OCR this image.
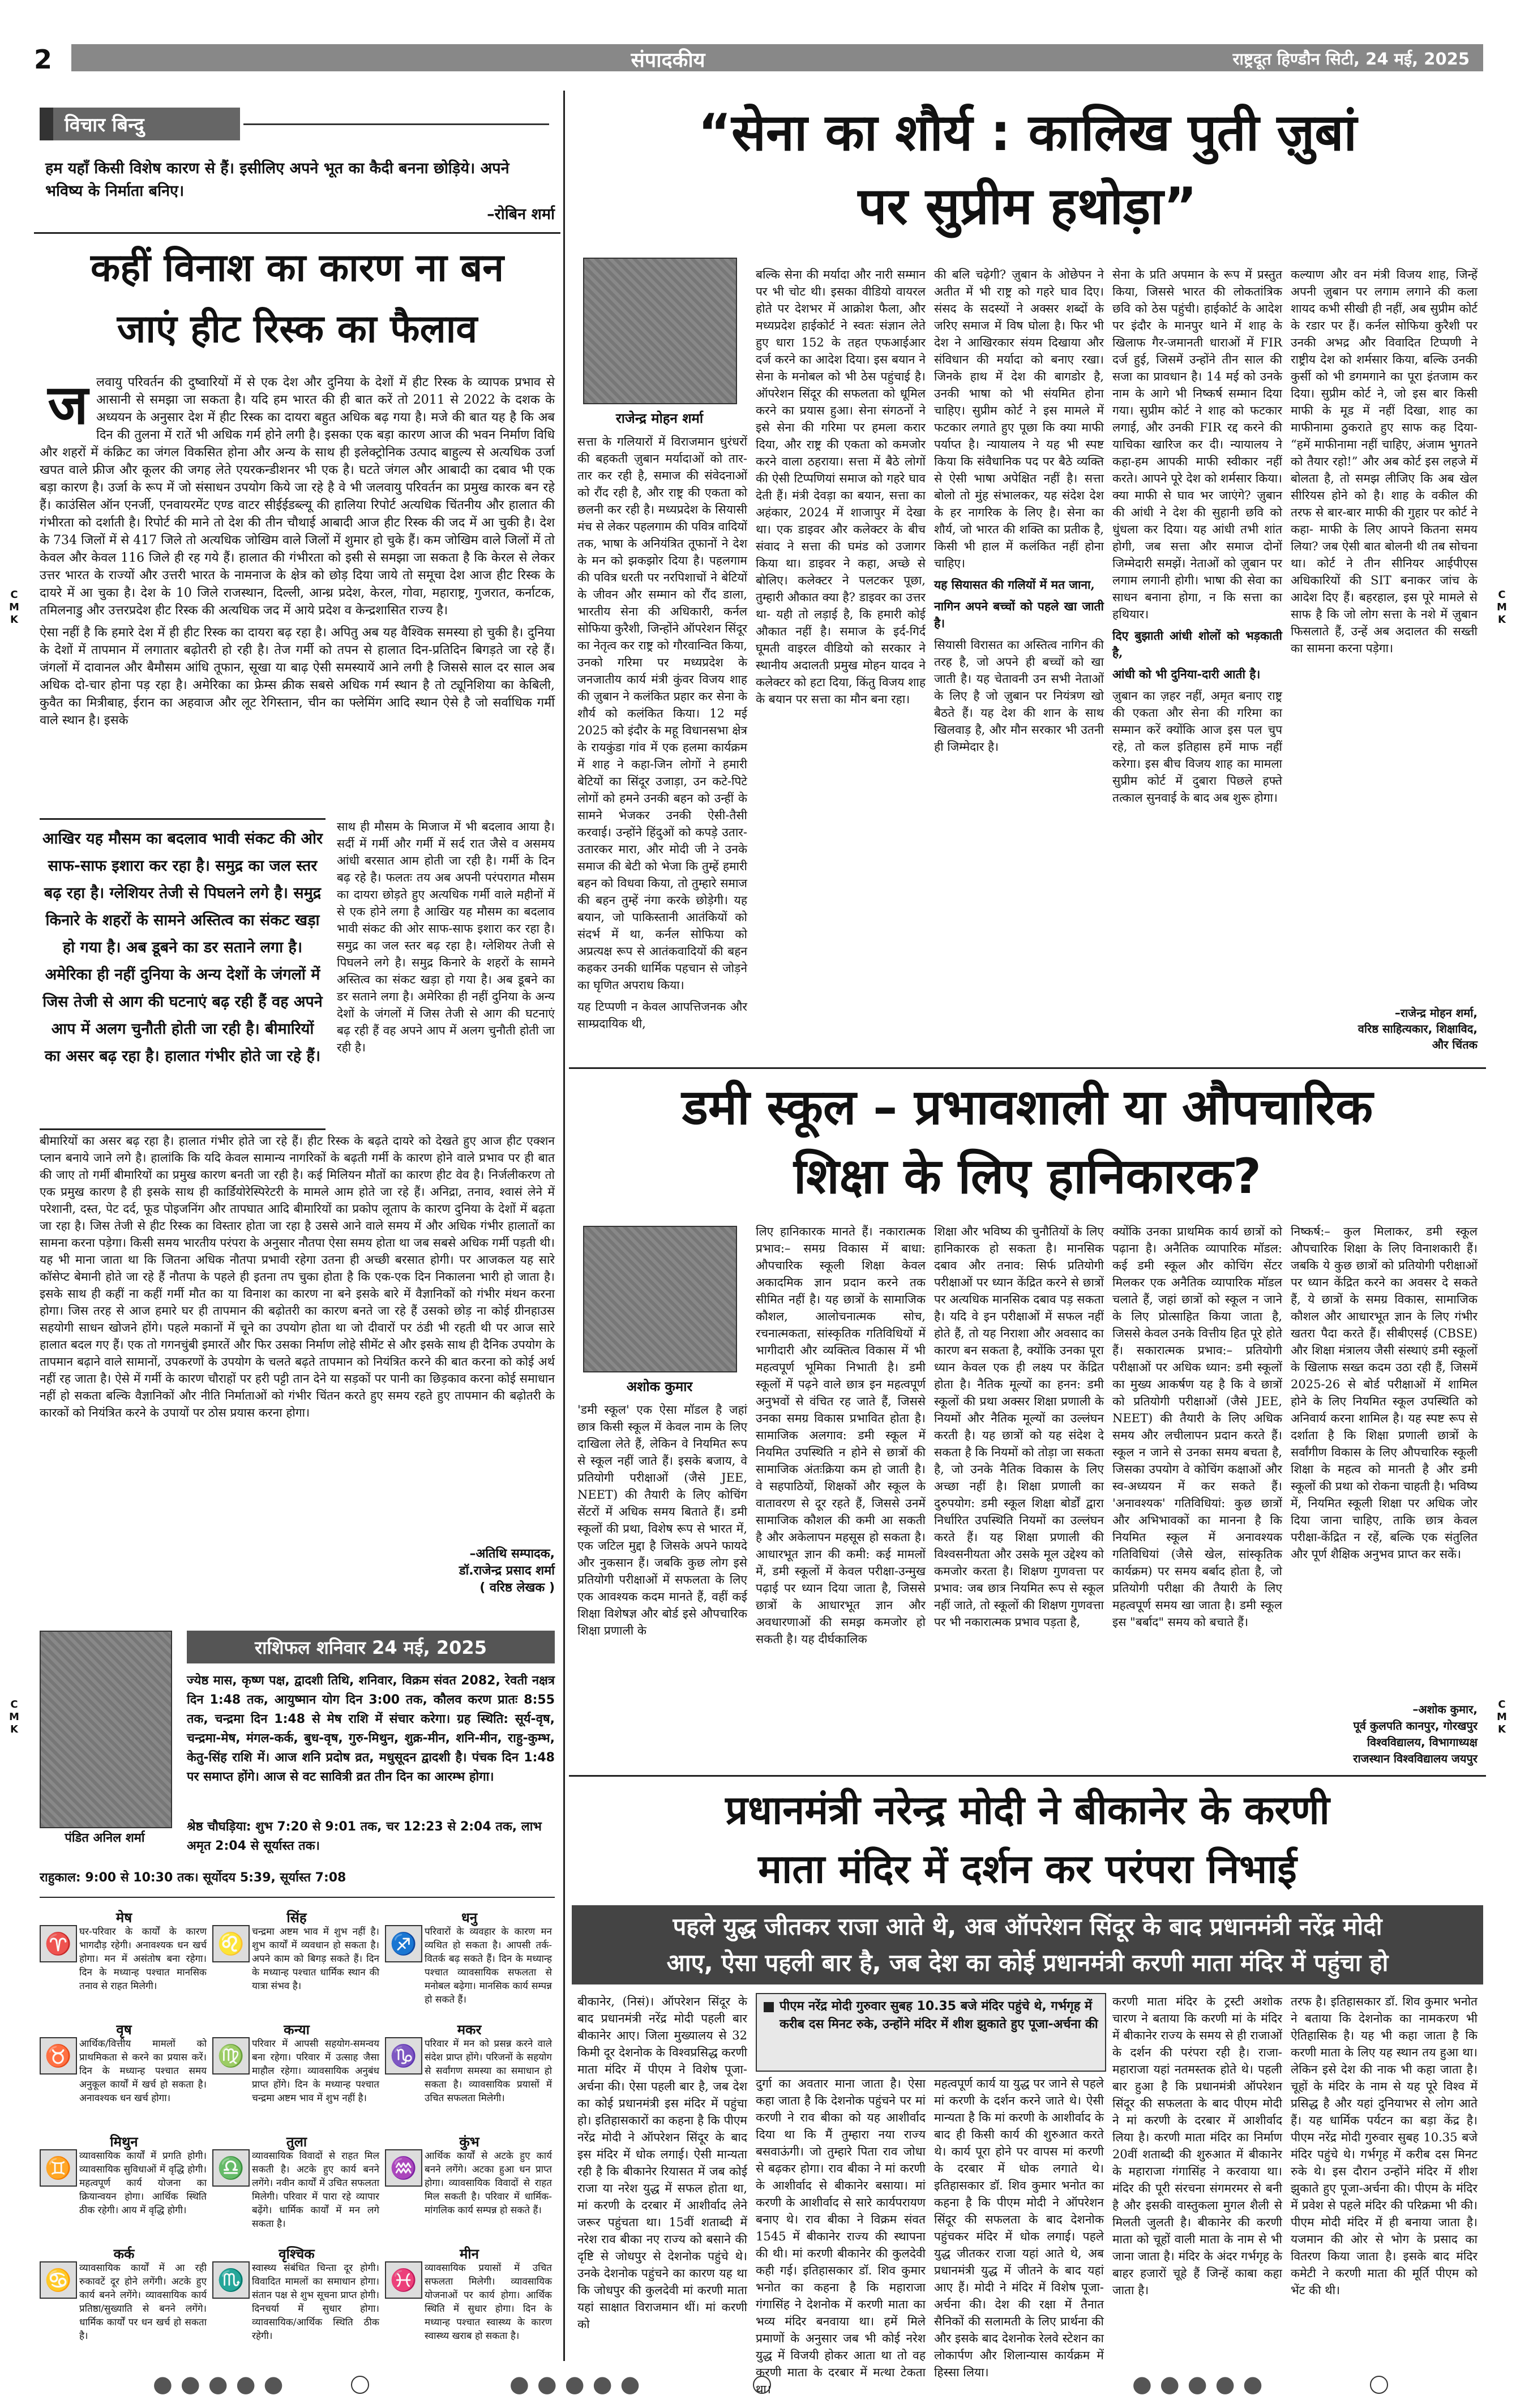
2	संपादकीय	राष्ट्रदूत हिण्डौन सिटी, 24 मई, 2025
C
M
K
C
M
K
C
M
K
C
M
K
विचार बिन्दु
हम यहाँ किसी विशेष कारण से हैं। इसीलिए अपने भूत का कैदी बनना छोड़िये। अपने भविष्य के निर्माता बनिए।
–रोबिन शर्मा
कहीं विनाश का कारण ना बन
जाएं हीट रिस्क का फैलाव
ज लवायु परिवर्तन की दुष्वारियों में से एक देश और दुनिया के देशों में हीट रिस्क के व्यापक प्रभाव से आसानी से समझा जा सकता है। यदि हम भारत की ही बात करें तो 2011 से 2022 के दशक के अध्ययन के अनुसार देश में हीट रिस्क का दायरा बहुत अधिक बढ़ गया है। मजे की बात यह है कि अब दिन की तुलना में रातें भी अधिक गर्म होने लगी है। इसका एक बड़ा कारण आज की भवन निर्माण विधि और शहरों में कंक्रिट का जंगल विकसित होना और अन्य के साथ ही इलेक्ट्रोनिक उत्पाद बाहुल्य से अत्यधिक उर्जा खपत वाले फ्रीज और कूलर की जगह लेते एयरकन्डीशनर भी एक है। घटते जंगल और आबादी का दबाव भी एक बड़ा कारण है। उर्जा के रूप में जो संसाधन उपयोग किये जा रहे है वे भी जलवायु परिवर्तन का प्रमुख कारक बन रहे हैं। काउंसिल ऑन एनर्जी, एनवायरमेंट एण्ड वाटर सीईईडब्ल्यू की हालिया रिपोर्ट अत्यधिक चिंतनीय और हालात की गंभीरता को दर्शाती है। रिपोर्ट की माने तो देश की तीन चौथाई आबादी आज हीट रिस्क की जद में आ चुकी है। देश के 734 जिलों में से 417 जिले तो अत्यधिक जोखिम वाले जिलों में शुमार हो चुके हैं। कम जोखिम वाले जिलों में तो केवल और केवल 116 जिले ही रह गये हैं। हालात की गंभीरता को इसी से समझा जा सकता है कि केरल से लेकर उत्तर भारत के राज्यों और उत्तरी भारत के नामनाज के क्षेत्र को छोड़ दिया जाये तो समूचा देश आज हीट रिस्क के दायरे में आ चुका है। देश के 10 जिले राजस्थान, दिल्ली, आन्ध्र प्रदेश, केरल, गोवा, महाराष्ट्र, गुजरात, कर्नाटक, तमिलनाडु और उत्तरप्रदेश हीट रिस्क की अत्यधिक जद में आये प्रदेश व केन्द्रशासित राज्य है।

ऐसा नहीं है कि हमारे देश में ही हीट रिस्क का दायरा बढ़ रहा है। अपितु अब यह वैश्विक समस्या हो चुकी है। दुनिया के देशों में तापमान में लगातार बढ़ोतरी हो रही है। तेज गर्मी को तपन से हालात दिन-प्रतिदिन बिगड़ते जा रहे हैं। जंगलों में दावानल और बैमौसम आंधि तूफान, सूखा या बाढ़ ऐसी समस्यायें आने लगी है जिससे साल दर साल अब अधिक दो-चार होना पड़ रहा है। अमेरिका का फ्रेम्स क्रीक सबसे अधिक गर्म स्थान है तो ट्यूनिशिया का केबिली, कुवैत का मित्रीबाह, ईरान का अहवाज और लूट रेगिस्तान, चीन का फ्लेमिंग आदि स्थान ऐसे है जो सर्वाधिक गर्मी वाले स्थान है। इसके

आखिर यह मौसम का बदलाव भावी संकट की ओर साफ-साफ इशारा कर रहा है। समुद्र का जल स्तर बढ़ रहा है। ग्लेशियर तेजी से पिघलने लगे है। समुद्र किनारे के शहरों के सामने अस्तित्व का संकट खड़ा हो गया है। अब डूबने का डर सताने लगा है। अमेरिका ही नहीं दुनिया के अन्य देशों के जंगलों में जिस तेजी से आग की घटनाएं बढ़ रही हैं वह अपने आप में अलग चुनौती होती जा रही है। बीमारियों का असर बढ़ रहा है। हालात गंभीर होते जा रहे हैं।

साथ ही मौसम के मिजाज में भी बदलाव आया है। सर्दी में गर्मी और गर्मी में सर्द रात जैसे व असमय आंधी बरसात आम होती जा रही है। गर्मी के दिन बढ़ रहे है। फलतः तय अब अपनी परंपरागत मौसम का दायरा छोड़ते हुए अत्यधिक गर्मी वाले महीनों में से एक होने लगा है आखिर यह मौसम का बदलाव भावी संकट की ओर साफ-साफ इशारा कर रहा है। समुद्र का जल स्तर बढ़ रहा है। ग्लेशियर तेजी से पिघलने लगे है। समुद्र किनारे के शहरों के सामने अस्तित्व का संकट खड़ा हो गया है। अब डूबने का डर सताने लगा है। अमेरिका ही नहीं दुनिया के अन्य देशों के जंगलों में जिस तेजी से आग की घटनाएं बढ़ रही हैं वह अपने आप में अलग चुनौती होती जा रही है।

बीमारियों का असर बढ़ रहा है। हालात गंभीर होते जा रहे हैं। हीट रिस्क के बढ़ते दायरे को देखते हुए आज हीट एक्शन प्लान बनाये जाने लगे है। हालांकि कि यदि केवल सामान्य नागरिकों के बढ़ती गर्मी के कारण होने वाले प्रभाव पर ही बात की जाए तो गर्मी बीमारियों का प्रमुख कारण बनती जा रही है। कई मिलियन मौतों का कारण हीट वेव है। निर्जलीकरण तो एक प्रमुख कारण है ही इसके साथ ही कार्डियोरेस्पिरेटरी के मामले आम होते जा रहे हैं। अनिद्रा, तनाव, श्वासं लेने में परेशानी, दस्त, पेट दर्द, फूड पोइजनिंग और तापघात आदि बीमारियों का प्रकोप लूताप के कारण दुनिया के देशों में बढ़ता जा रहा है। जिस तेजी से हीट रिस्क का विस्तार होता जा रहा है उससे आने वाले समय में और अधिक गंभीर हालातों का सामना करना पड़ेगा। किसी समय भारतीय परंपरा के अनुसार नौतपा ऐसा समय होता था जब सबसे अधिक गर्मी पड़ती थी। यह भी माना जाता था कि जितना अधिक नौतपा प्रभावी रहेगा उतना ही अच्छी बरसात होगी। पर आजकल यह सारे कॉसेप्ट बेमानी होते जा रहे हैं नौतपा के पहले ही इतना तप चुका होता है कि एक-एक दिन निकालना भारी हो जाता है। इसके साथ ही कहीं ना कहीं गर्मी मौत का या विनाश का कारण ना बने इसके बारे में वैज्ञानिकों को गंभीर मंथन करना होगा। जिस तरह से आज हमारे घर ही तापमान की बढ़ोतरी का कारण बनते जा रहे हैं उसको छोड़ ना कोई ग्रीनहाउस सहयोगी साधन खोजने होंगे। पहले मकानों में चूने का उपयोग होता था जो दीवारों पर ठंडी भी रहती थी पर आज सारे हालात बदल गए हैं। एक तो गगनचुंबी इमारतें और फिर उसका निर्माण लोहे सीमेंट से और इसके साथ ही दैनिक उपयोग के तापमान बढ़ाने वाले सामानों, उपकरणों के उपयोग के चलते बढ़ते तापमान को नियंत्रित करने की बात करना को कोई अर्थ नहीं रह जाता है। ऐसे में गर्मी के कारण चौराहों पर हरी पट्टी तान देने या सड़कों पर पानी का छिड़काव करना कोई समाधान नहीं हो सकता बल्कि वैज्ञानिकों और नीति निर्माताओं को गंभीर चिंतन करते हुए समय रहते हुए तापमान की बढ़ोतरी के कारकों को नियंत्रित करने के उपायों पर ठोस प्रयास करना होगा।

–अतिथि सम्पादक,
डॉ.राजेन्द्र प्रसाद शर्मा
( वरिष्ठ लेखक )
पंडित अनिल शर्मा
राशिफल शनिवार 24 मई, 2025
ज्येष्ठ मास, कृष्ण पक्ष, द्वादशी तिथि, शनिवार, विक्रम संवत 2082, रेवती नक्षत्र दिन 1:48 तक, आयुष्मान योग दिन 3:00 तक, कौलव करण प्रातः 8:55 तक, चन्द्रमा दिन 1:48 से मेष राशि में संचार करेगा। ग्रह स्थिति: सूर्य-वृष, चन्द्रमा-मेष, मंगल-कर्क, बुध-वृष, गुरु-मिथुन, शुक्र-मीन, शनि-मीन, राहु-कुम्भ, केतु-सिंह राशि में। आज शनि प्रदोष व्रत, मधुसूदन द्वादशी है। पंचक दिन 1:48 पर समाप्त होंगे। आज से वट सावित्री व्रत तीन दिन का आरम्भ होगा।
श्रेष्ठ चौघड़िया: शुभ 7:20 से 9:01 तक, चर 12:23 से 2:04 तक, लाभ अमृत 2:04 से सूर्यास्त तक।
राहुकाल: 9:00 से 10:30 तक। सूर्योदय 5:39, सूर्यास्त 7:08
मेष
♈ घर-परिवार के कार्यों के कारण भागदौड़ रहेगी। अनावश्यक धन खर्च होगा। मन में असंतोष बना रहेगा। दिन के मध्यान्ह पश्चात मानसिक तनाव से राहत मिलेगी।
सिंह
♌ चन्द्रमा अष्टम भाव में शुभ नहीं है। शुभ कार्यों में व्यवधान हो सकता है। अपने काम को बिगड़ सकते हैं। दिन के मध्यान्ह पश्चात धार्मिक स्थान की यात्रा संभव है।
धनु
♐ परिवारों के व्यवहार के कारण मन व्यथित हो सकता है। आपसी तर्क-वितर्क बढ़ सकते हैं। दिन के मध्यान्ह पश्चात व्यावसायिक सफलता से मनोबल बढ़ेगा। मानसिक कार्य सम्पन्न हो सकते हैं।
वृष
♉ आर्थिक/वित्तीय मामलों को प्राथमिकता से करने का प्रयास करें। दिन के मध्यान्ह पश्चात समय अनुकूल कार्यों में खर्च हो सकता है। अनावश्यक धन खर्च होगा।
कन्या
♍ परिवार में आपसी सहयोग-समन्वय बना रहेगा। परिवार में उत्साह जैसा माहौल रहेगा। व्यावसायिक अनुबंध प्राप्त होंगे। दिन के मध्यान्ह पश्चात चन्द्रमा अष्टम भाव में शुभ नहीं है।
मकर
♑ परिवार में मन को प्रसन्न करने वाले संदेश प्राप्त होंगे। परिजनों के सहयोग से सर्वांगण समस्या का समाधान हो सकता है। व्यावसायिक प्रयासों में उचित सफलता मिलेगी।
मिथुन
♊ व्यावसायिक कार्यों में प्रगति होगी। व्यावसायिक सुविधाओं में वृद्धि होगी। महत्वपूर्ण कार्य योजना का क्रियान्वयन होगा। आर्थिक स्थिति ठीक रहेगी। आय में वृद्धि होगी।
तुला
♎ व्यावसायिक विवादों से राहत मिल सकती है। अटके हुए कार्य बनने लगेंगे। नवीन कार्यों में उचित सफलता मिलेगी। परिवार में पारा रहे व्यापार बढ़ेंगे। धार्मिक कार्यों में मन लगे सकता है।
कुंभ
♒ आर्थिक कार्यों से अटके हुए कार्य बनने लगेंगे। अटका हुआ धन प्राप्त होगा। व्यावसायिक विवादों से राहत मिल सकती है। परिवार में धार्मिक-मांगलिक कार्य सम्पन्न हो सकते हैं।
कर्क
♋ व्यावसायिक कार्यों में आ रही रुकावटें दूर होने लगेंगी। अटके हुए कार्य बनने लगेंगे। व्यावसायिक कार्य प्रतिष्ठा/सुख्याति से बनने लगेंगे। धार्मिक कार्यों पर धन खर्च हो सकता है।
वृश्चिक
♏ स्वास्थ्य संबंधित चिन्ता दूर होगी। विवादित मामलों का समाधान होगा। संतान पक्ष से शुभ सूचना प्राप्त होगी। दिनचर्या में सुधार होगा। व्यावसायिक/आर्थिक स्थिति ठीक रहेगी।
मीन
♓ व्यावसायिक प्रयासों में उचित सफलता मिलेगी। व्यावसायिक योजनाओं पर कार्य होगा। आर्थिक स्थिति में सुधार होगा। दिन के मध्यान्ह पश्चात स्वास्थ्य के कारण स्वास्थ्य खराब हो सकता है।
“सेना का शौर्य : कालिख पुती ज़ुबां
पर सुप्रीम हथोड़ा”
राजेन्द्र मोहन शर्मा

सत्ता के गलियारों में विराजमान धुरंधरों की बहकती ज़ुबान मर्यादाओं को तार-तार कर रही है, समाज की संवेदनाओं को रौंद रही है, और राष्ट्र की एकता को छलनी कर रही है। मध्यप्रदेश के सियासी मंच से लेकर पहलगाम की पवित्र वादियों तक, भाषा के अनियंत्रित तूफानों ने देश के मन को झकझोर दिया है। पहलगाम की पवित्र धरती पर नरपिशाचों ने बेटियों के जीवन और सम्मान को रौंद डाला, भारतीय सेना की अधिकारी, कर्नल सोफिया कुरैशी, जिन्होंने ऑपरेशन सिंदूर का नेतृत्व कर राष्ट्र को गौरवान्वित किया, उनको गरिमा पर मध्यप्रदेश के जनजातीय कार्य मंत्री कुंवर विजय शाह की ज़ुबान ने कलंकित प्रहार कर सेना के शौर्य को कलंकित किया। 12 मई 2025 को इंदौर के महू विधानसभा क्षेत्र के रायकुंडा गांव में एक हलमा कार्यक्रम में शाह ने कहा-जिन लोगों ने हमारी बेटियों का सिंदूर उजाड़ा, उन कटे-पिटे लोगों को हमने उनकी बहन को उन्हीं के सामने भेजकर उनकी ऐसी-तैसी करवाई। उन्होंने हिंदुओं को कपड़े उतार-उतारकर मारा, और मोदी जी ने उनके समाज की बेटी को भेजा कि तुम्हें हमारी बहन को विधवा किया, तो तुम्हारे समाज की बहन तुम्हें नंगा करके छोड़ेगी। यह बयान, जो पाकिस्तानी आतंकियों को संदर्भ में था, कर्नल सोफिया को अप्रत्यक्ष रूप से आतंकवादियों की बहन कहकर उनकी धार्मिक पहचान से जोड़ने का घृणित अपराध किया।

यह टिप्पणी न केवल आपत्तिजनक और साम्प्रदायिक थी,

बल्कि सेना की मर्यादा और नारी सम्मान पर भी चोट थी। इसका वीडियो वायरल होते पर देशभर में आक्रोश फैला, और मध्यप्रदेश हाईकोर्ट ने स्वतः संज्ञान लेते हुए धारा 152 के तहत एफआईआर दर्ज करने का आदेश दिया। इस बयान ने सेना के मनोबल को भी ठेस पहुंचाई है। ऑपरेशन सिंदूर की सफलता को धूमिल करने का प्रयास हुआ। सेना संगठनों ने इसे सेना की गरिमा पर हमला करार दिया, और राष्ट्र की एकता को कमजोर करने वाला ठहराया। सत्ता में बैठे लोगों की ऐसी टिप्पणियां समाज को गहरे घाव देती हैं। मंत्री देवड़ा का बयान, सत्ता का अहंकार, 2024 में शाजापुर में देखा था। एक डाइवर और कलेक्टर के बीच संवाद ने सत्ता की घमंड को उजागर किया था। डाइवर ने कहा, अच्छे से बोलिए। कलेक्टर ने पलटकर पूछा, तुम्हारी औकात क्या है? डाइवर का उत्तर था- यही तो लड़ाई है, कि हमारी कोई औकात नहीं है। समाज के इर्द-गिर्द घूमती वाइरल वीडियो को सरकार ने स्थानीय अदालती प्रमुख मोहन यादव ने कलेक्टर को हटा दिया, किंतु विजय शाह के बयान पर सत्ता का मौन बना रहा।

की बलि चढ़ेगी? ज़ुबान के ओछेपन ने अतीत में भी राष्ट्र को गहरे घाव दिए। संसद के सदस्यों ने अक्सर शब्दों के जरिए समाज में विष घोला है। फिर भी देश ने आखिरकार संयम दिखाया और संविधान की मर्यादा को बनाए रखा। जिनके हाथ में देश की बागडोर है, उनकी भाषा को भी संयमित होना चाहिए। सुप्रीम कोर्ट ने इस मामले में फटकार लगाते हुए पूछा कि क्या माफी पर्याप्त है। न्यायालय ने यह भी स्पष्ट किया कि संवैधानिक पद पर बैठे व्यक्ति से ऐसी भाषा अपेक्षित नहीं है। सत्ता बोलो तो मुंह संभालकर, यह संदेश देश के हर नागरिक के लिए है। सेना का शौर्य, जो भारत की शक्ति का प्रतीक है, किसी भी हाल में कलंकित नहीं होना चाहिए।

यह सियासत की गलियों में मत जाना,

नागिन अपने बच्चों को पहले खा जाती है।

सियासी विरासत का अस्तित्व नागिन की तरह है, जो अपने ही बच्चों को खा जाती है। यह चेतावनी उन सभी नेताओं के लिए है जो ज़ुबान पर नियंत्रण खो बैठते हैं। यह देश की शान के साथ खिलवाड़ है, और मौन सरकार भी उतनी ही जिम्मेदार है।

सेना के प्रति अपमान के रूप में प्रस्तुत किया, जिससे भारत की लोकतांत्रिक छवि को ठेस पहुंची। हाईकोर्ट के आदेश पर इंदौर के मानपुर थाने में शाह के खिलाफ गैर-जमानती धाराओं में FIR दर्ज हुई, जिसमें उन्होंने तीन साल की सजा का प्रावधान है। 14 मई को उनके नाम के आगे भी निष्कर्ष सम्मान दिया गया। सुप्रीम कोर्ट ने शाह को फटकार लगाई, और उनकी FIR रद्द करने की याचिका खारिज कर दी। न्यायालय ने कहा-हम आपकी माफी स्वीकार नहीं करते। आपने पूरे देश को शर्मसार किया। क्या माफी से घाव भर जाएंगे? ज़ुबान की आंधी ने देश की सुहानी छवि को धुंधला कर दिया। यह आंधी तभी शांत होगी, जब सत्ता और समाज दोनों जिम्मेदारी समझें। नेताओं को ज़ुबान पर लगाम लगानी होगी। भाषा की सेवा का साधन बनाना होगा, न कि सत्ता का हथियार।

दिए बुझाती आंधी शोलों को भड़काती है,

आंधी को भी दुनिया-दारी आती है।

ज़ुबान का ज़हर नहीं, अमृत बनाए राष्ट्र की एकता और सेना की गरिमा का सम्मान करें क्योंकि आज इस पल चुप रहे, तो कल इतिहास हमें माफ नहीं करेगा। इस बीच विजय शाह का मामला सुप्रीम कोर्ट में दुबारा पिछले हफ्ते तत्काल सुनवाई के बाद अब शुरू होगा।

कल्याण और वन मंत्री विजय शाह, जिन्हें अपनी ज़ुबान पर लगाम लगाने की कला शायद कभी सीखी ही नहीं, अब सुप्रीम कोर्ट के रडार पर हैं। कर्नल सोफिया कुरैशी पर उनकी अभद्र और विवादित टिप्पणी ने राष्ट्रीय देश को शर्मसार किया, बल्कि उनकी कुर्सी को भी डगमगाने का पूरा इंतजाम कर दिया। सुप्रीम कोर्ट ने, जो इस बार किसी माफी के मूड में नहीं दिखा, शाह का माफीनामा ठुकराते हुए साफ कह दिया- “हमें माफीनामा नहीं चाहिए, अंजाम भुगतने को तैयार रहो!” और अब कोर्ट इस लहजे में बोलता है, तो समझ लीजिए कि अब खेल सीरियस होने को है। शाह के वकील की तरफ से बार-बार माफी की गुहार पर कोर्ट ने कहा- माफी के लिए आपने कितना समय लिया? जब ऐसी बात बोलनी थी तब सोचना था। कोर्ट ने तीन सीनियर आईपीएस अधिकारियों की SIT बनाकर जांच के आदेश दिए हैं। बहरहाल, इस पूरे मामले से साफ है कि जो लोग सत्ता के नशे में ज़ुबान फिसलाते हैं, उन्हें अब अदालत की सख्ती का सामना करना पड़ेगा।

–राजेन्द्र मोहन शर्मा,
वरिष्ठ साहित्यकार, शिक्षाविद,
और चिंतक
डमी स्कूल – प्रभावशाली या औपचारिक
शिक्षा के लिए हानिकारक?
अशोक कुमार

'डमी स्कूल' एक ऐसा मॉडल है जहां छात्र किसी स्कूल में केवल नाम के लिए दाखिला लेते हैं, लेकिन वे नियमित रूप से स्कूल नहीं जाते हैं। इसके बजाय, वे प्रतियोगी परीक्षाओं (जैसे JEE, NEET) की तैयारी के लिए कोचिंग सेंटरों में अधिक समय बिताते हैं। डमी स्कूलों की प्रथा, विशेष रूप से भारत में, एक जटिल मुद्दा है जिसके अपने फायदे और नुकसान हैं। जबकि कुछ लोग इसे प्रतियोगी परीक्षाओं में सफलता के लिए एक आवश्यक कदम मानते हैं, वहीं कई शिक्षा विशेषज्ञ और बोर्ड इसे औपचारिक शिक्षा प्रणाली के

लिए हानिकारक मानते हैं। नकारात्मक प्रभाव:– समग्र विकास में बाधा: औपचारिक स्कूली शिक्षा केवल अकादमिक ज्ञान प्रदान करने तक सीमित नहीं है। यह छात्रों के सामाजिक कौशल, आलोचनात्मक सोच, रचनात्मकता, सांस्कृतिक गतिविधियों में भागीदारी और व्यक्तित्व विकास में भी महत्वपूर्ण भूमिका निभाती है। डमी स्कूलों में पढ़ने वाले छात्र इन महत्वपूर्ण अनुभवों से वंचित रह जाते हैं, जिससे उनका समग्र विकास प्रभावित होता है। सामाजिक अलगाव: डमी स्कूल में नियमित उपस्थिति न होने से छात्रों की सामाजिक अंतःक्रिया कम हो जाती है। वे सहपाठियों, शिक्षकों और स्कूल के वातावरण से दूर रहते हैं, जिससे उनमें सामाजिक कौशल की कमी आ सकती है और अकेलापन महसूस हो सकता है। आधारभूत ज्ञान की कमी: कई मामलों में, डमी स्कूलों में केवल परीक्षा-उन्मुख पढ़ाई पर ध्यान दिया जाता है, जिससे छात्रों के आधारभूत ज्ञान और अवधारणाओं की समझ कमजोर हो सकती है। यह दीर्घकालिक

शिक्षा और भविष्य की चुनौतियों के लिए हानिकारक हो सकता है। मानसिक दबाव और तनाव: सिर्फ प्रतियोगी परीक्षाओं पर ध्यान केंद्रित करने से छात्रों पर अत्यधिक मानसिक दबाव पड़ सकता है। यदि वे इन परीक्षाओं में सफल नहीं होते हैं, तो यह निराशा और अवसाद का कारण बन सकता है, क्योंकि उनका पूरा ध्यान केवल एक ही लक्ष्य पर केंद्रित होता है। नैतिक मूल्यों का हनन: डमी स्कूलों की प्रथा अक्सर शिक्षा प्रणाली के नियमों और नैतिक मूल्यों का उल्लंघन करती है। यह छात्रों को यह संदेश दे सकता है कि नियमों को तोड़ा जा सकता है, जो उनके नैतिक विकास के लिए अच्छा नहीं है। शिक्षा प्रणाली का दुरुपयोग: डमी स्कूल शिक्षा बोर्डों द्वारा निर्धारित उपस्थिति नियमों का उल्लंघन करते हैं। यह शिक्षा प्रणाली की विश्वसनीयता और उसके मूल उद्देश्य को कमजोर करता है। शिक्षण गुणवत्ता पर प्रभाव: जब छात्र नियमित रूप से स्कूल नहीं जाते, तो स्कूलों की शिक्षण गुणवत्ता पर भी नकारात्मक प्रभाव पड़ता है,

क्योंकि उनका प्राथमिक कार्य छात्रों को पढ़ाना है। अनैतिक व्यापारिक मॉडल: कई डमी स्कूल और कोचिंग सेंटर मिलकर एक अनैतिक व्यापारिक मॉडल चलाते हैं, जहां छात्रों को स्कूल न जाने के लिए प्रोत्साहित किया जाता है, जिससे केवल उनके वित्तीय हित पूरे होते हैं। सकारात्मक प्रभाव:– प्रतियोगी परीक्षाओं पर अधिक ध्यान: डमी स्कूलों का मुख्य आकर्षण यह है कि वे छात्रों को प्रतियोगी परीक्षाओं (जैसे JEE, NEET) की तैयारी के लिए अधिक समय और लचीलापन प्रदान करते हैं। स्कूल न जाने से उनका समय बचता है, जिसका उपयोग वे कोचिंग कक्षाओं और स्व-अध्ययन में कर सकते हैं। 'अनावश्यक' गतिविधियां: कुछ छात्रों और अभिभावकों का मानना है कि नियमित स्कूल में अनावश्यक गतिविधियां (जैसे खेल, सांस्कृतिक कार्यक्रम) पर समय बर्बाद होता है, जो प्रतियोगी परीक्षा की तैयारी के लिए महत्वपूर्ण समय खा जाता है। डमी स्कूल इस "बर्बाद" समय को बचाते हैं।

निष्कर्ष:– कुल मिलाकर, डमी स्कूल औपचारिक शिक्षा के लिए विनाशकारी हैं। जबकि ये कुछ छात्रों को प्रतियोगी परीक्षाओं पर ध्यान केंद्रित करने का अवसर दे सकते हैं, ये छात्रों के समग्र विकास, सामाजिक कौशल और आधारभूत ज्ञान के लिए गंभीर खतरा पैदा करते हैं। सीबीएसई (CBSE) और शिक्षा मंत्रालय जैसी संस्थाएं डमी स्कूलों के खिलाफ सख्त कदम उठा रही हैं, जिसमें 2025-26 से बोर्ड परीक्षाओं में शामिल होने के लिए नियमित स्कूल उपस्थिति को अनिवार्य करना शामिल है। यह स्पष्ट रूप से दर्शाता है कि शिक्षा प्रणाली छात्रों के सर्वांगीण विकास के लिए औपचारिक स्कूली शिक्षा के महत्व को मानती है और डमी स्कूलों की प्रथा को रोकना चाहती है। भविष्य में, नियमित स्कूली शिक्षा पर अधिक जोर दिया जाना चाहिए, ताकि छात्र केवल परीक्षा-केंद्रित न रहें, बल्कि एक संतुलित और पूर्ण शैक्षिक अनुभव प्राप्त कर सकें।

–अशोक कुमार,
पूर्व कुलपति कानपुर, गोरखपुर
विश्वविद्यालय, विभागाध्यक्ष
राजस्थान विश्वविद्यालय जयपुर
प्रधानमंत्री नरेन्द्र मोदी ने बीकानेर के करणी
माता मंदिर में दर्शन कर परंपरा निभाई
पहले युद्ध जीतकर राजा आते थे, अब ऑपरेशन सिंदूर के बाद प्रधानमंत्री नरेंद्र मोदी
आए, ऐसा पहली बार है, जब देश का कोई प्रधानमंत्री करणी माता मंदिर में पहुंचा हो

बीकानेर, (निसं)। ऑपरेशन सिंदूर के बाद प्रधानमंत्री नरेंद्र मोदी पहली बार बीकानेर आए। जिला मुख्यालय से 32 किमी दूर देशनोक के विश्वप्रसिद्ध करणी माता मंदिर में पीएम ने विशेष पूजा-अर्चना की। ऐसा पहली बार है, जब देश का कोई प्रधानमंत्री इस मंदिर में पहुंचा हो। इतिहासकारों का कहना है कि पीएम नरेंद्र मोदी ने ऑपरेशन सिंदूर के बाद इस मंदिर में धोक लगाई। ऐसी मान्यता रही है कि बीकानेर रियासत में जब कोई राजा या नरेश युद्ध में सफल होता था, मां करणी के दरबार में आशीर्वाद लेने जरूर पहुंचता था। 15वीं शताब्दी में नरेश राव बीका नए राज्य को बसाने की दृष्टि से जोधपुर से देशनोक पहुंचे थे। उनके देशनोक पहुंचने का कारण यह था कि जोधपुर की कुलदेवी मां करणी माता यहां साक्षात विराजमान थीं। मां करणी को

पीएम नरेंद्र मोदी गुरुवार सुबह 10.35 बजे मंदिर पहुंचे थे, गर्भगृह में करीब दस मिनट रुके, उन्होंने मंदिर में शीश झुकाते हुए पूजा-अर्चना की

दुर्गा का अवतार माना जाता है। ऐसा कहा जाता है कि देशनोक पहुंचने पर मां करणी ने राव बीका को यह आशीर्वाद दिया था कि मैं तुम्हारा नया राज्य बसवाऊंगी। जो तुम्हारे पिता राव जोधा से बढ़कर होगा। राव बीका ने मां करणी के आशीर्वाद से बीकानेर बसाया। मां करणी के आशीर्वाद से सारे कार्यपरायण बनाए थे। राव बीका ने विक्रम संवत 1545 में बीकानेर राज्य की स्थापना की थी। मां करणी बीकानेर की कुलदेवी कही गई। इतिहासकार डॉ. शिव कुमार भनोत का कहना है कि महाराजा गंगासिंह ने देशनोक में करणी माता का भव्य मंदिर बनवाया था। हमें मिले प्रमाणों के अनुसार जब भी कोई नरेश युद्ध में विजयी होकर आता था तो वह करणी माता के दरबार में मत्था टेकता था।

महत्वपूर्ण कार्य या युद्ध पर जाने से पहले मां करणी के दर्शन करने जाते थे। ऐसी मान्यता है कि मां करणी के आशीर्वाद के बाद ही किसी कार्य की शुरुआत करते थे। कार्य पूरा होने पर वापस मां करणी के दरबार में धोक लगाते थे। इतिहासकार डॉ. शिव कुमार भनोत का कहना है कि पीएम मोदी ने ऑपरेशन सिंदूर की सफलता के बाद देशनोक पहुंचकर मंदिर में धोक लगाई। पहले युद्ध जीतकर राजा यहां आते थे, अब प्रधानमंत्री युद्ध में जीतने के बाद यहां आए हैं। मोदी ने मंदिर में विशेष पूजा-अर्चना की। देश की रक्षा में तैनात सैनिकों की सलामती के लिए प्रार्थना की और इसके बाद देशनोक रेलवे स्टेशन का लोकार्पण और शिलान्यास कार्यक्रम में हिस्सा लिया।

करणी माता मंदिर के ट्रस्टी अशोक चारण ने बताया कि करणी मां के मंदिर में बीकानेर राज्य के समय से ही राजाओं के दर्शन की परंपरा रही है। राजा-महाराजा यहां नतमस्तक होते थे। पहली बार हुआ है कि प्रधानमंत्री ऑपरेशन सिंदूर की सफलता के बाद पीएम मोदी ने मां करणी के दरबार में आशीर्वाद लिया है। करणी माता मंदिर का निर्माण 20वीं शताब्दी की शुरुआत में बीकानेर के महाराजा गंगासिंह ने करवाया था। मंदिर की पूरी संरचना संगमरमर से बनी है और इसकी वास्तुकला मुगल शैली से मिलती जुलती है। बीकानेर की करणी माता को चूहों वाली माता के नाम से भी जाना जाता है। मंदिर के अंदर गर्भगृह के बाहर हजारों चूहे हैं जिन्हें काबा कहा जाता है।

तरफ है। इतिहासकार डॉ. शिव कुमार भनोत ने बताया कि देशनोक का नामकरण भी ऐतिहासिक है। यह भी कहा जाता है कि करणी माता के लिए यह स्थान तय हुआ था। लेकिन इसे देश की नाक भी कहा जाता है। चूहों के मंदिर के नाम से यह पूरे विश्व में प्रसिद्ध है और यहां दुनियाभर से लोग आते हैं। यह धार्मिक पर्यटन का बड़ा केंद्र है। पीएम नरेंद्र मोदी गुरुवार सुबह 10.35 बजे मंदिर पहुंचे थे। गर्भगृह में करीब दस मिनट रुके थे। इस दौरान उन्होंने मंदिर में शीश झुकाते हुए पूजा-अर्चना की। पीएम के मंदिर में प्रवेश से पहले मंदिर की परिक्रमा भी की। पीएम मोदी मंदिर में ही बनाया जाता है। यजमान की ओर से भोग के प्रसाद का वितरण किया जाता है। इसके बाद मंदिर कमेटी ने करणी माता की मूर्ति पीएम को भेंट की थी।

●●●●●	●●●●●	●●●●●
